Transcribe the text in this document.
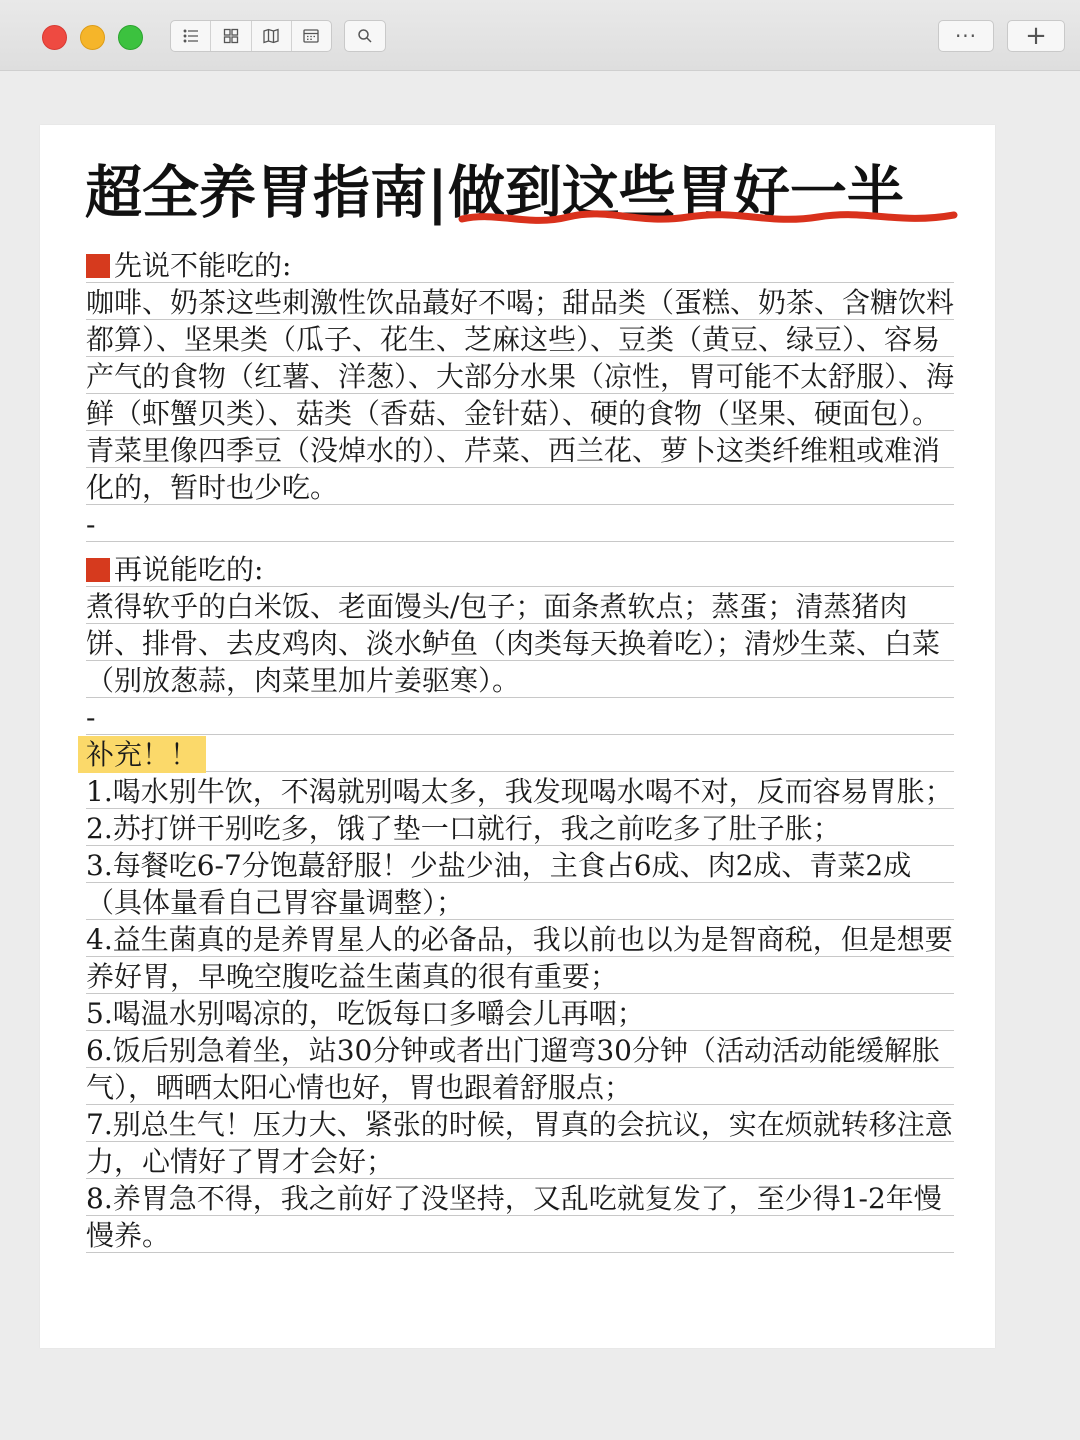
··· +
超全养胃指南|做到这些胃好一半

先说不能吃的:

咖啡、奶茶这些刺激性饮品蕞好不喝；甜品类（蛋糕、奶茶、含糖饮料都算）、坚果类（瓜子、花生、芝麻这些）、豆类（黄豆、绿豆）、容易产气的食物（红薯、洋葱）、大部分水果（凉性，胃可能不太舒服）、海鲜（虾蟹贝类）、菇类（香菇、金针菇）、硬的食物（坚果、硬面包）。青菜里像四季豆（没焯水的）、芹菜、西兰花、萝卜这类纤维粗或难消化的，暂时也少吃。

-

再说能吃的:

煮得软乎的白米饭、老面馒头/包子；面条煮软点；蒸蛋；清蒸猪肉饼、排骨、去皮鸡肉、淡水鲈鱼（肉类每天换着吃）；清炒生菜、白菜（别放葱蒜，肉菜里加片姜驱寒）。

-

补充！！

1.喝水别牛饮，不渴就别喝太多，我发现喝水喝不对，反而容易胃胀；

2.苏打饼干别吃多，饿了垫一口就行，我之前吃多了肚子胀；

3.每餐吃6-7分饱蕞舒服！少盐少油，主食占6成、肉2成、青菜2成（具体量看自己胃容量调整）；

4.益生菌真的是养胃星人的必备品，我以前也以为是智商税，但是想要养好胃，早晚空腹吃益生菌真的很有重要；

5.喝温水别喝凉的，吃饭每口多嚼会儿再咽；

6.饭后别急着坐，站30分钟或者出门遛弯30分钟（活动活动能缓解胀气），晒晒太阳心情也好，胃也跟着舒服点；

7.别总生气！压力大、紧张的时候，胃真的会抗议，实在烦就转移注意力，心情好了胃才会好；

8.养胃急不得，我之前好了没坚持，又乱吃就复发了，至少得1-2年慢慢养。
